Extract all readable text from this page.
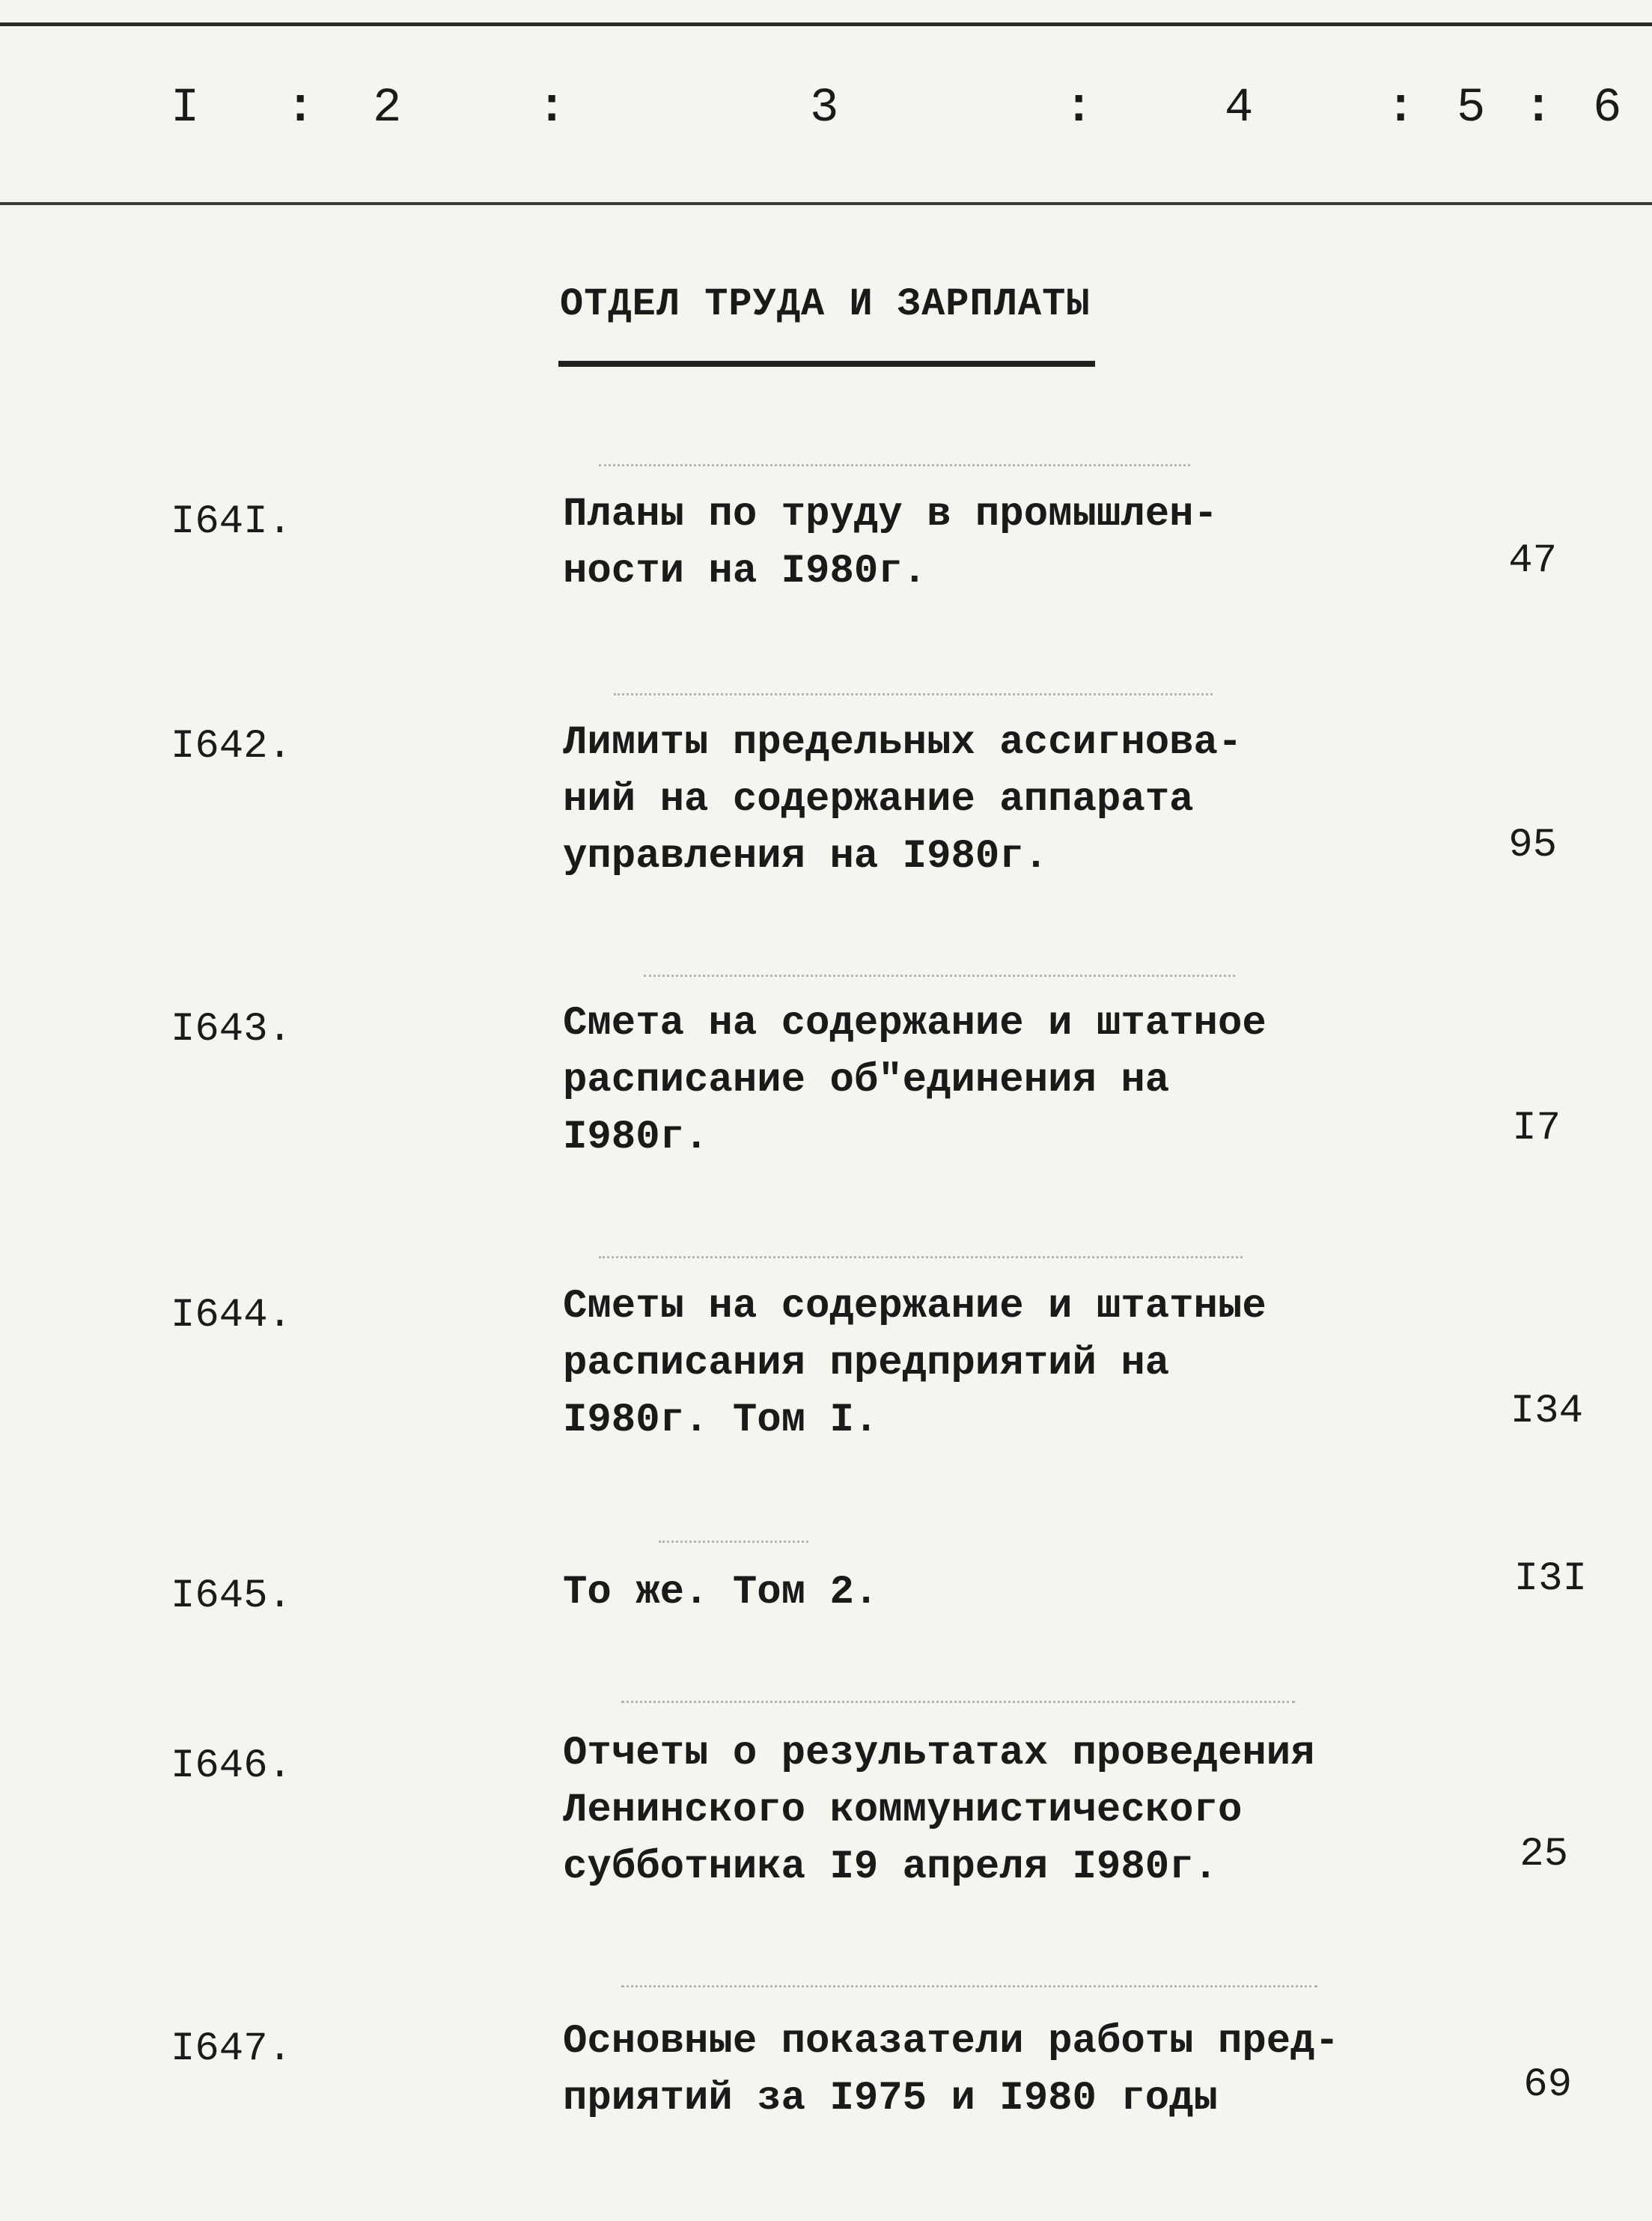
I : 2	:	3	:	4	: 5 : 6
ОТДЕЛ ТРУДА И ЗАРПЛАТЫ
I64I.	Планы по труду в промышлен-
ности на I980г.	47
I642.	Лимиты предельных ассигнова-
ний на содержание аппарата
управления на I980г.	95
I643.	Смета на содержание и штатное
расписание об"единения на
I980г.	I7
I644.	Сметы на содержание и штатные
расписания предприятий на
I980г. Том I.	I34
I645.	То же. Том 2.	I3I
I646.	Отчеты о результатах проведения
Ленинского коммунистического
субботника I9 апреля I980г.	25
I647.	Основные показатели работы пред-
приятий за I975 и I980 годы	69
